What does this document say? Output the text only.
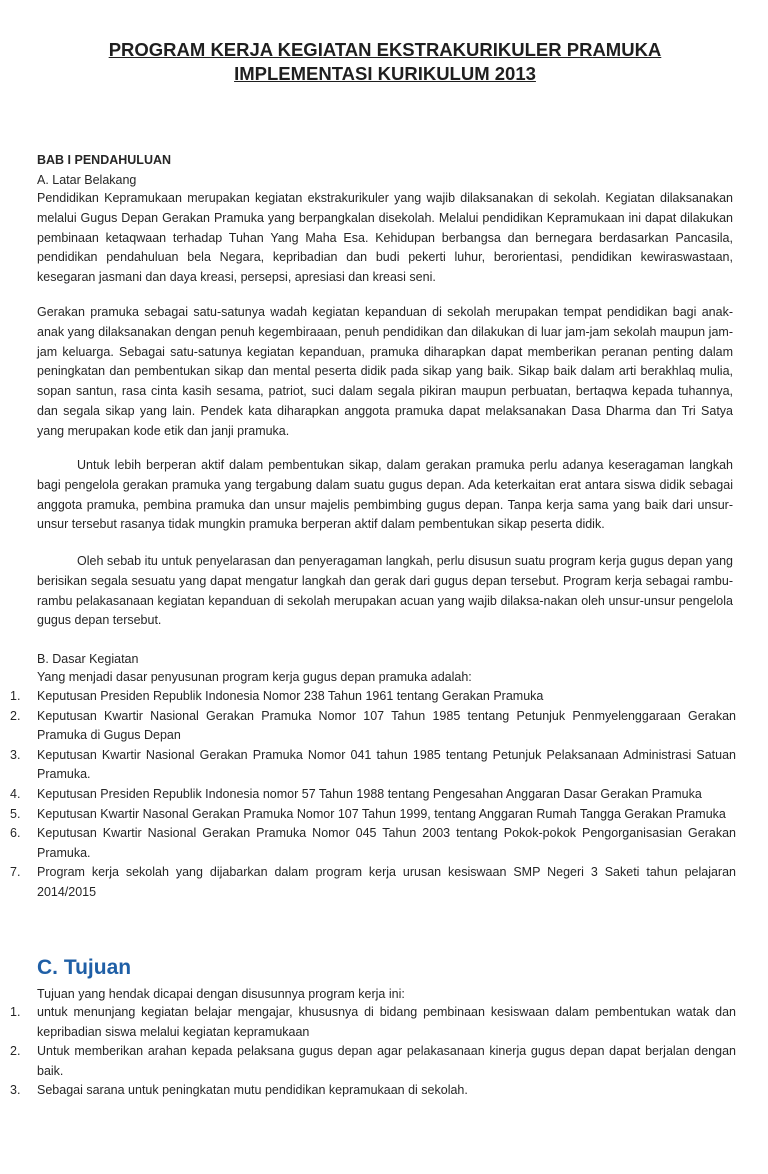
PROGRAM KERJA KEGIATAN EKSTRAKURIKULER PRAMUKA
IMPLEMENTASI KURIKULUM 2013
BAB I PENDAHULUAN
A. Latar Belakang
Pendidikan Kepramukaan merupakan kegiatan ekstrakurikuler yang wajib dilaksanakan di sekolah. Kegiatan dilaksanakan melalui Gugus Depan Gerakan Pramuka yang berpangkalan disekolah. Melalui pendidikan Kepramukaan ini dapat dilakukan pembinaan ketaqwaan terhadap Tuhan Yang Maha Esa. Kehidupan berbangsa dan bernegara berdasarkan Pancasila, pendidikan pendahuluan bela Negara, kepribadian dan budi pekerti luhur, berorientasi, pendidikan kewiraswastaan, kesegaran jasmani dan daya kreasi, persepsi, apresiasi dan kreasi seni.
Gerakan pramuka sebagai satu-satunya wadah kegiatan kepanduan di sekolah merupakan tempat pendidikan bagi anak-anak yang dilaksanakan dengan penuh kegembiraaan, penuh pendidikan dan dilakukan di luar jam-jam sekolah maupun jam-jam keluarga. Sebagai satu-satunya kegiatan kepanduan, pramuka diharapkan dapat memberikan peranan penting dalam peningkatan dan pembentukan sikap dan mental peserta didik pada sikap yang baik. Sikap baik dalam arti berakhlaq mulia, sopan santun, rasa cinta kasih sesama, patriot, suci dalam segala pikiran maupun perbuatan, bertaqwa kepada tuhannya, dan segala sikap yang lain. Pendek kata diharapkan anggota pramuka dapat melaksanakan Dasa Dharma dan Tri Satya yang merupakan kode etik dan janji pramuka.
Untuk lebih berperan aktif dalam pembentukan sikap, dalam gerakan pramuka perlu adanya keseragaman langkah bagi pengelola gerakan pramuka yang tergabung dalam suatu gugus depan. Ada keterkaitan erat antara siswa didik sebagai anggota pramuka, pembina pramuka dan unsur majelis pembimbing gugus depan. Tanpa kerja sama yang baik dari unsur-unsur tersebut rasanya tidak mungkin pramuka berperan aktif dalam pembentukan sikap peserta didik.
Oleh sebab itu untuk penyelarasan dan penyeragaman langkah, perlu disusun suatu program kerja gugus depan yang berisikan segala sesuatu yang dapat mengatur langkah dan gerak dari gugus depan tersebut. Program kerja sebagai rambu-rambu pelakasanaan kegiatan kepanduan di sekolah merupakan acuan yang wajib dilaksa-nakan oleh unsur-unsur pengelola gugus depan tersebut.
B. Dasar Kegiatan
Yang menjadi dasar penyusunan program kerja gugus depan pramuka adalah:
1. Keputusan Presiden Republik Indonesia Nomor 238 Tahun 1961 tentang Gerakan Pramuka
2. Keputusan Kwartir Nasional Gerakan Pramuka Nomor 107 Tahun 1985 tentang Petunjuk Penmyelenggaraan Gerakan Pramuka di Gugus Depan
3. Keputusan Kwartir Nasional Gerakan Pramuka Nomor 041 tahun 1985 tentang Petunjuk Pelaksanaan Administrasi Satuan Pramuka.
4. Keputusan Presiden Republik Indonesia nomor 57 Tahun 1988 tentang Pengesahan Anggaran Dasar Gerakan Pramuka
5. Keputusan Kwartir Nasonal Gerakan Pramuka Nomor 107 Tahun 1999, tentang Anggaran Rumah Tangga Gerakan Pramuka
6. Keputusan Kwartir Nasional Gerakan Pramuka Nomor 045 Tahun 2003 tentang Pokok-pokok Pengorganisasian Gerakan Pramuka.
7. Program kerja sekolah yang dijabarkan dalam program kerja urusan kesiswaan SMP Negeri 3 Saketi tahun pelajaran 2014/2015
C. Tujuan
Tujuan yang hendak dicapai dengan disusunnya program kerja ini:
1. untuk menunjang kegiatan belajar mengajar, khususnya di bidang pembinaan kesiswaan dalam pembentukan watak dan kepribadian siswa melalui kegiatan kepramukaan
2. Untuk memberikan arahan kepada pelaksana gugus depan agar pelakasanaan kinerja gugus depan dapat berjalan dengan baik.
3. Sebagai sarana untuk peningkatan mutu pendidikan kepramukaan di sekolah.
